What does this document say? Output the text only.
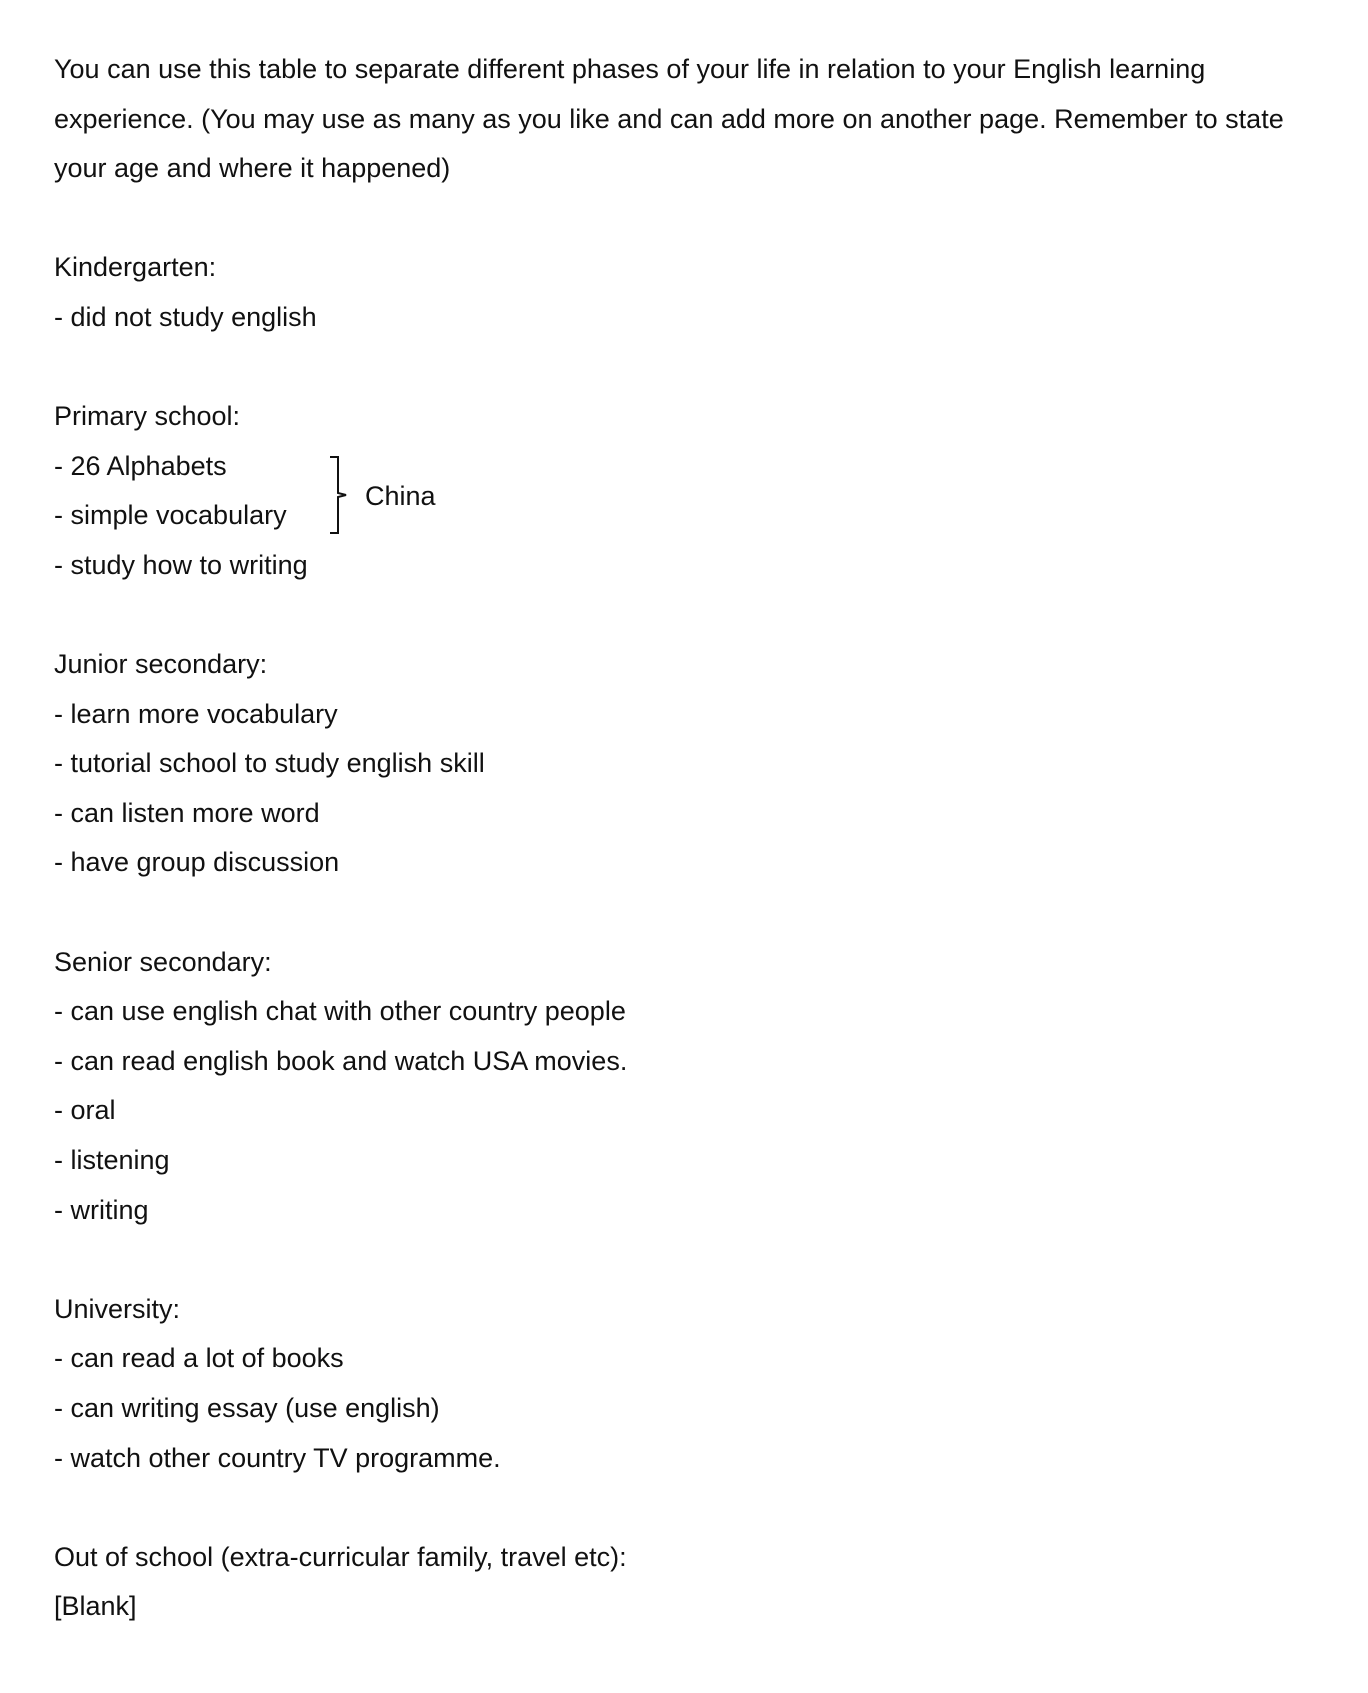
You can use this table to separate different phases of your life in relation to your English learning experience. (You may use as many as you like and can add more on another page. Remember to state your age and where it happened)

Kindergarten:
- did not study english
Primary school:
- 26 Alphabets
- simple vocabulary
- study how to writing
China
Junior secondary:
- learn more vocabulary
- tutorial school to study english skill
- can listen more word
- have group discussion
Senior secondary:
- can use english chat with other country people
- can read english book and watch USA movies.
- oral
- listening
- writing
University:
- can read a lot of books
- can writing essay (use english)
- watch other country TV programme.
Out of school (extra-curricular family, travel etc):
[Blank]
